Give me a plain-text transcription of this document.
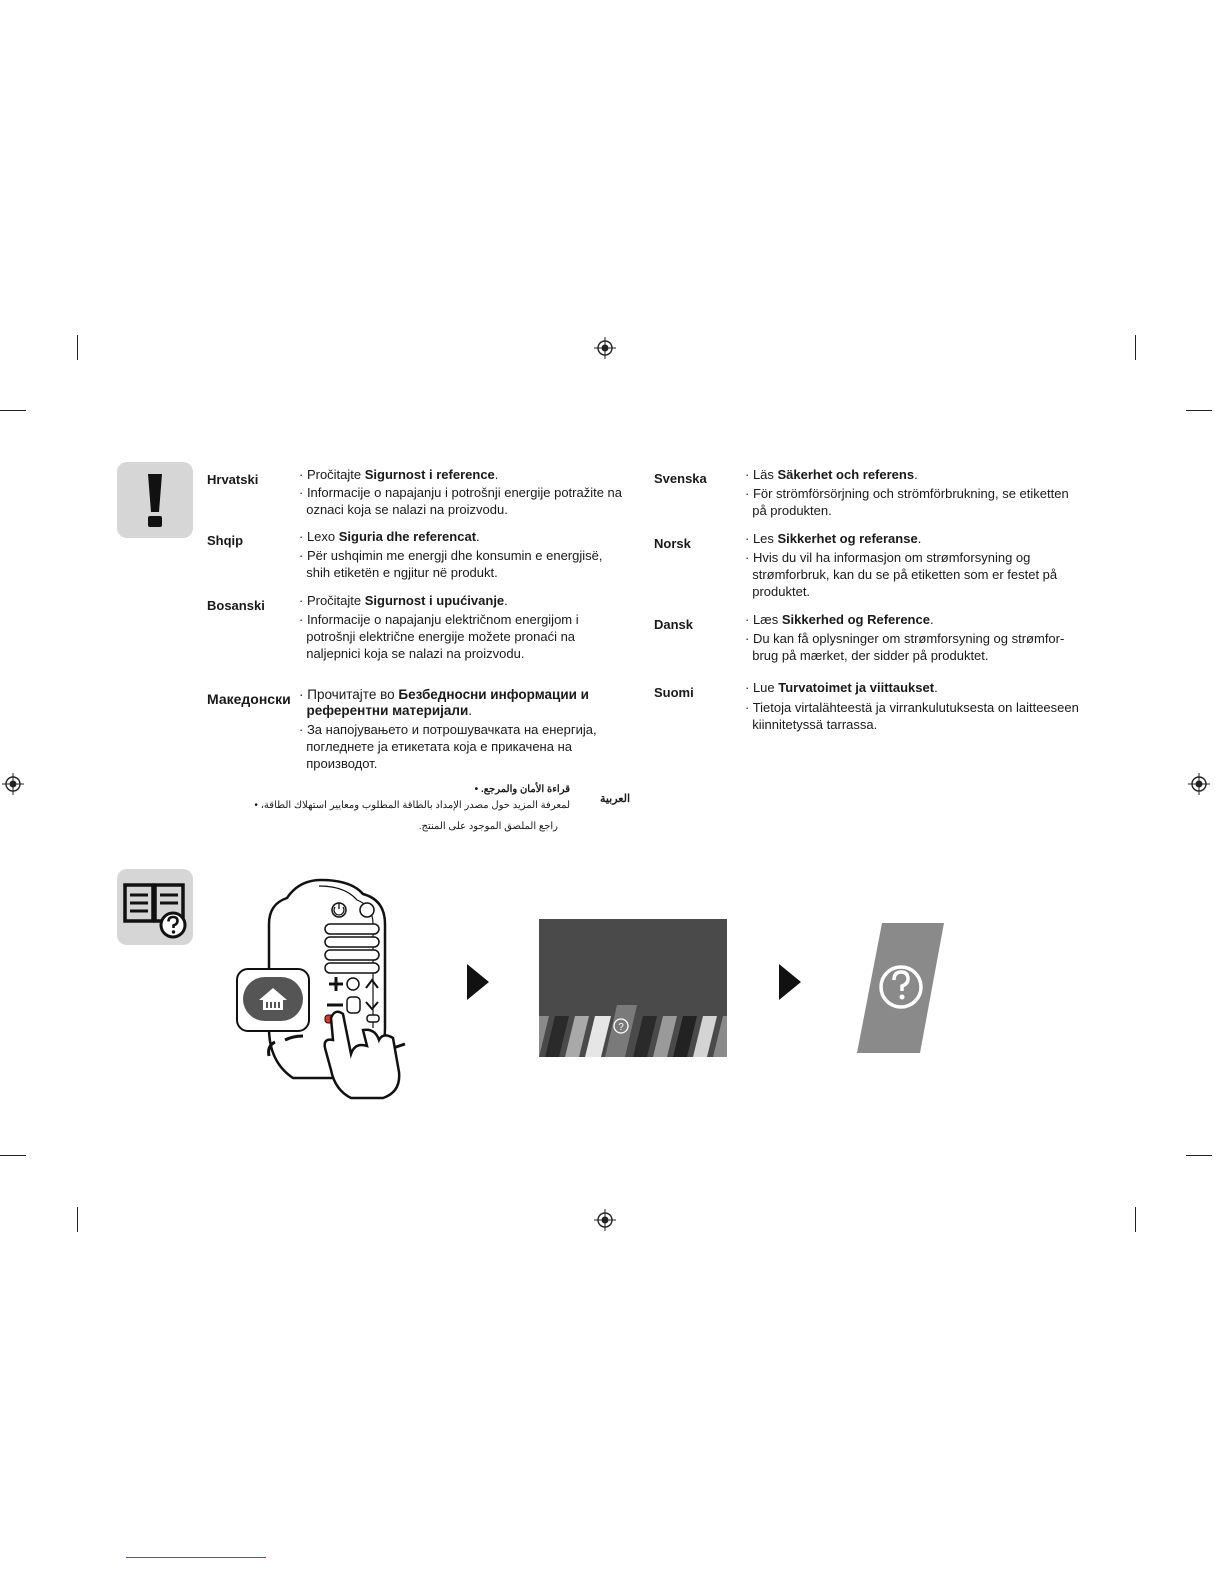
Hrvatski	· Pročitajte Sigurnost i reference.
· Informacije o napajanju i potrošnji energije potražite na
oznaci koja se nalazi na proizvodu.
Shqip	· Lexo Siguria dhe referencat.
· Për ushqimin me energji dhe konsumin e energjisë,
shih etiketën e ngjitur në produkt.
Bosanski	· Pročitajte Sigurnost i upućivanje.
· Informacije o napajanju električnom energijom i
potrošnji električne energije možete pronaći na
naljepnici koja se nalazi na proizvodu.
Македонски · Прочитајте во Безбедносни информации и
референтни материјали.
· За напојувањето и потрошувачката на енергија,
погледнете ја етикетата која е прикачена на
производот.
العربية
قراءة الأمان والمرجع. •
لمعرفة المزيد حول مصدر الإمداد بالطاقة المطلوب ومعايير استهلاك الطاقة، •
راجع الملصق الموجود على المنتج.
Svenska	· Läs Säkerhet och referens.
· För strömförsörjning och strömförbrukning, se etiketten
på produkten.
Norsk	· Les Sikkerhet og referanse.
· Hvis du vil ha informasjon om strømforsyning og
strømforbruk, kan du se på etiketten som er festet på
produktet.
Dansk	· Læs Sikkerhed og Reference.
· Du kan få oplysninger om strømforsyning og strømfor-
brug på mærket, der sidder på produktet.
Suomi	· Lue Turvatoimet ja viittaukset.
· Tietoja virtalähteestä ja virrankulutuksesta on laitteeseen
kiinnitetyssä tarrassa.
?
